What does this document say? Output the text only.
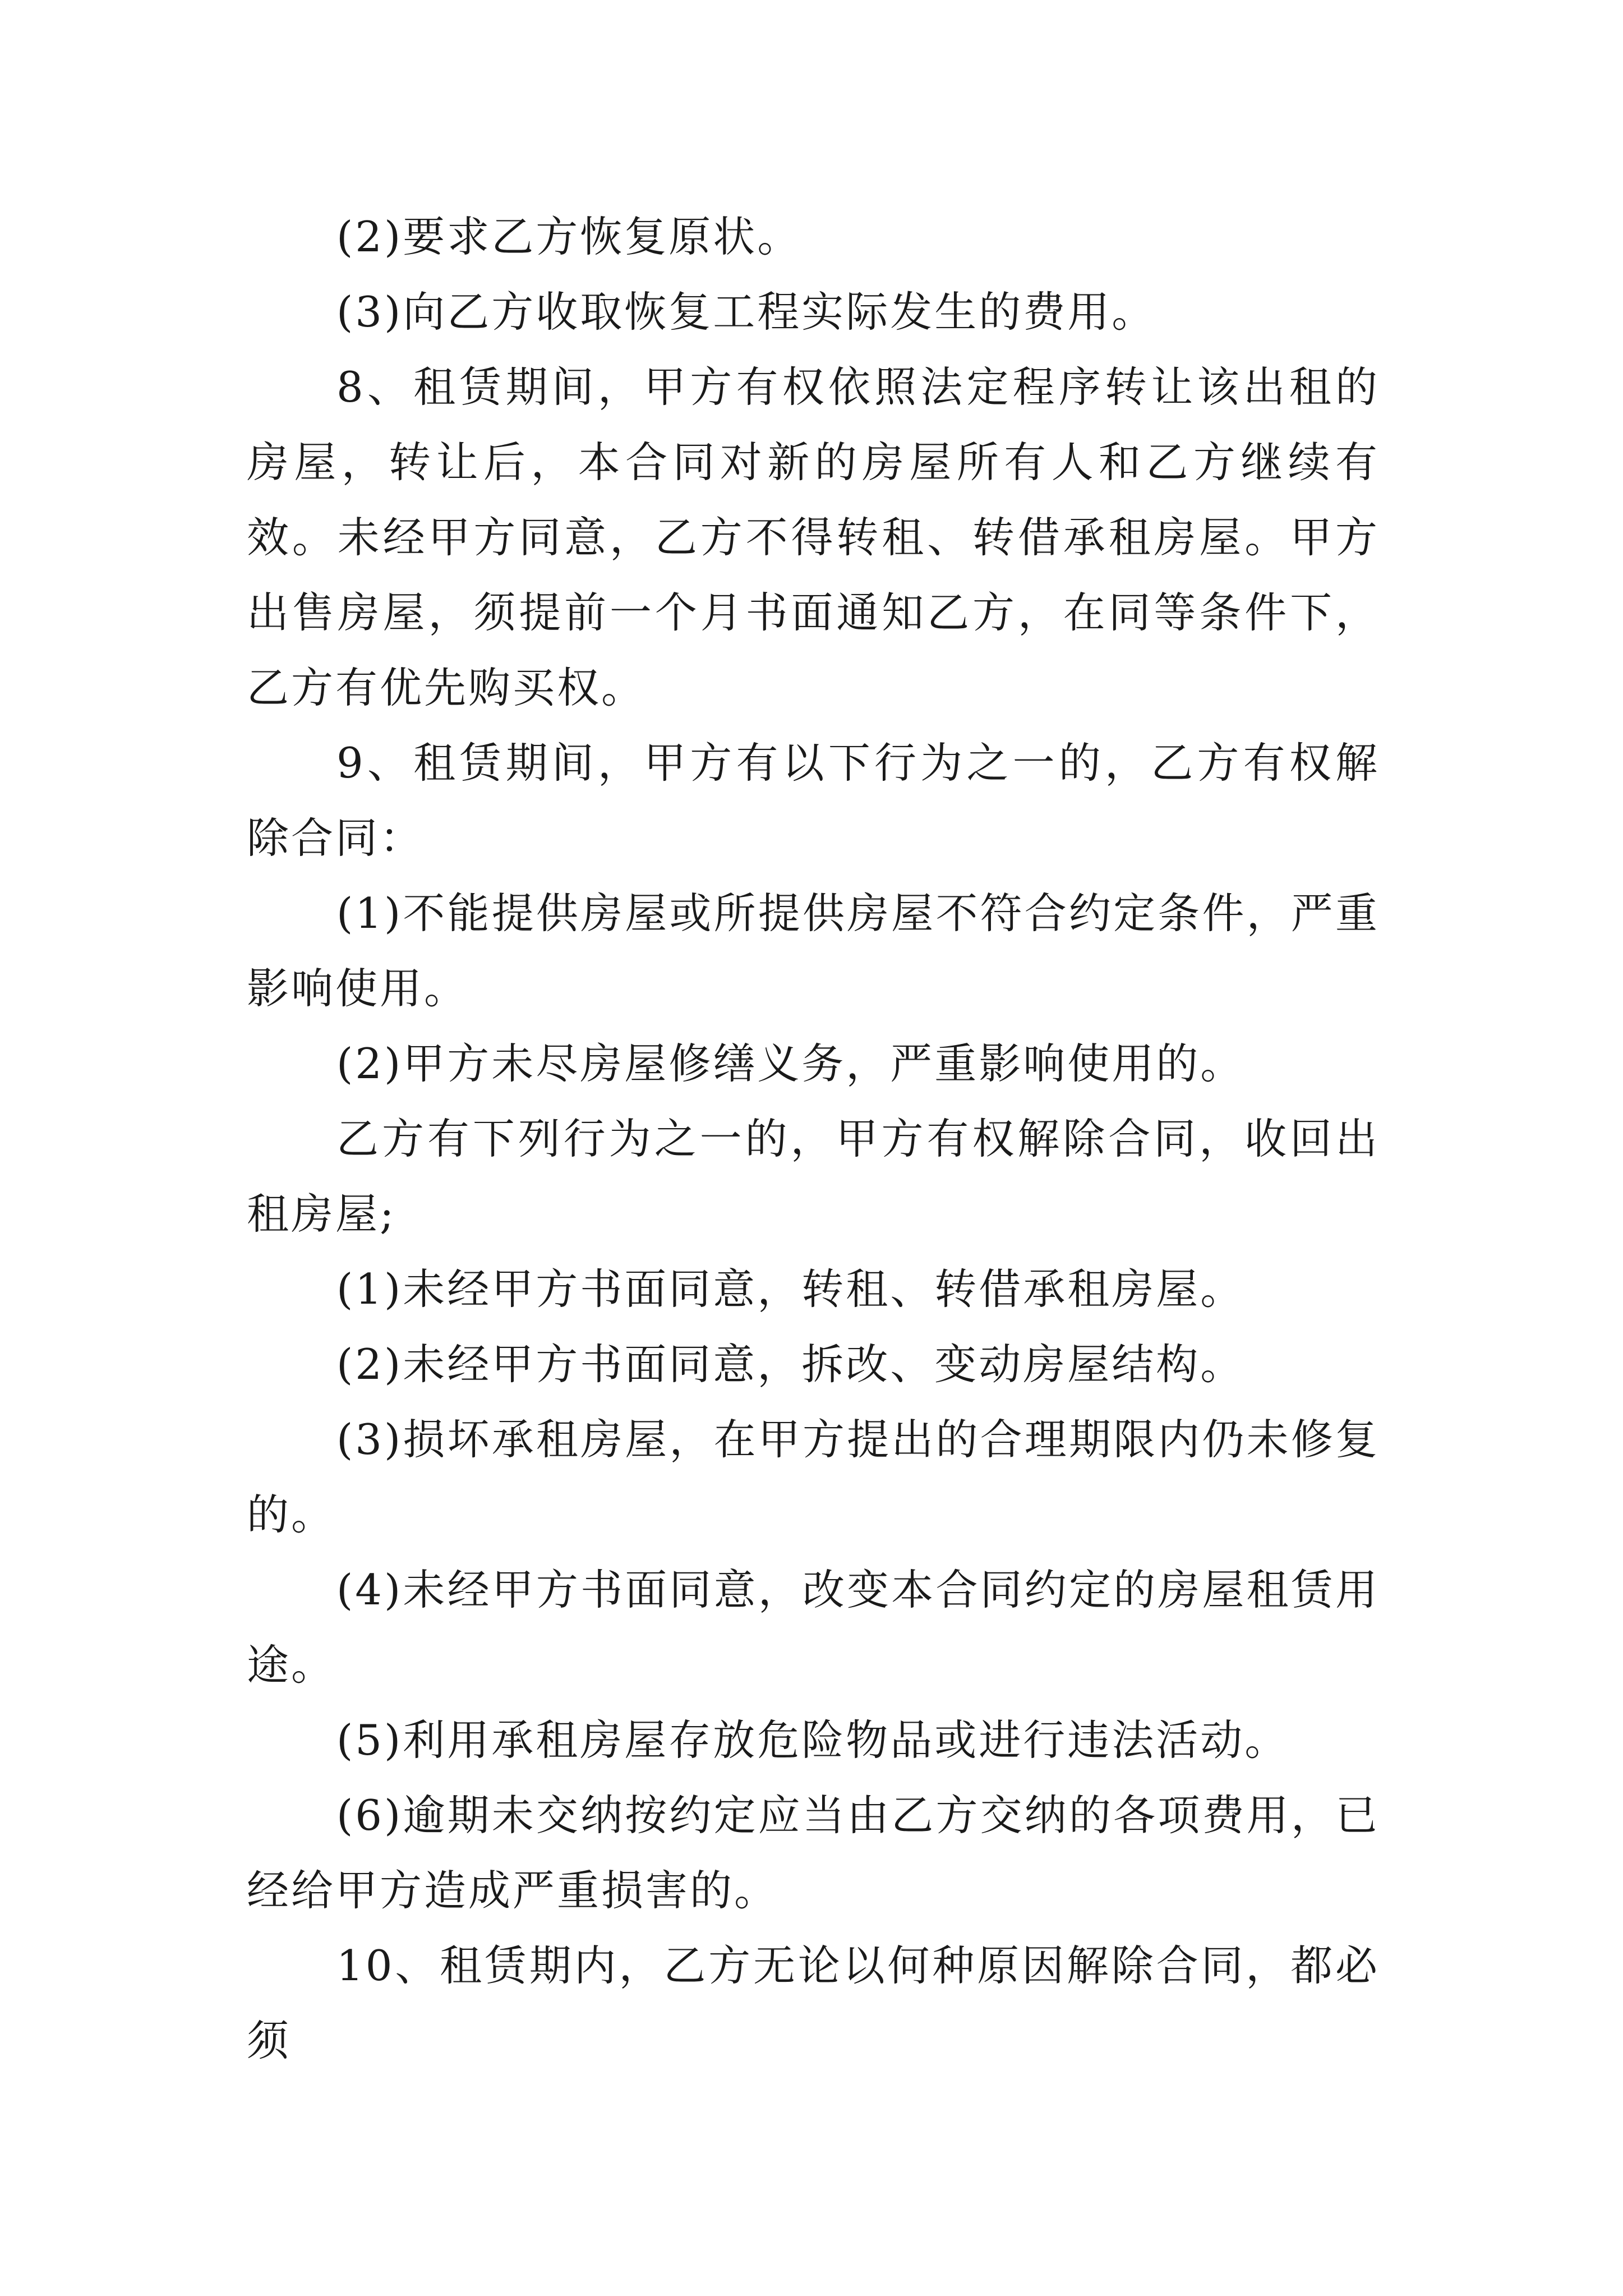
(2)要求乙方恢复原状。

(3)向乙方收取恢复工程实际发生的费用。

8、租赁期间，甲方有权依照法定程序转让该出租的房屋，转让后，本合同对新的房屋所有人和乙方继续有效。未经甲方同意，乙方不得转租、转借承租房屋。甲方出售房屋，须提前一个月书面通知乙方，在同等条件下，乙方有优先购买权。

9、租赁期间，甲方有以下行为之一的，乙方有权解除合同：

(1)不能提供房屋或所提供房屋不符合约定条件，严重影响使用。

(2)甲方未尽房屋修缮义务，严重影响使用的。

乙方有下列行为之一的，甲方有权解除合同，收回出租房屋;

(1)未经甲方书面同意，转租、转借承租房屋。

(2)未经甲方书面同意，拆改、变动房屋结构。

(3)损坏承租房屋，在甲方提出的合理期限内仍未修复的。

(4)未经甲方书面同意，改变本合同约定的房屋租赁用途。

(5)利用承租房屋存放危险物品或进行违法活动。

(6)逾期未交纳按约定应当由乙方交纳的各项费用，已经给甲方造成严重损害的。

10、租赁期内，乙方无论以何种原因解除合同，都必须
